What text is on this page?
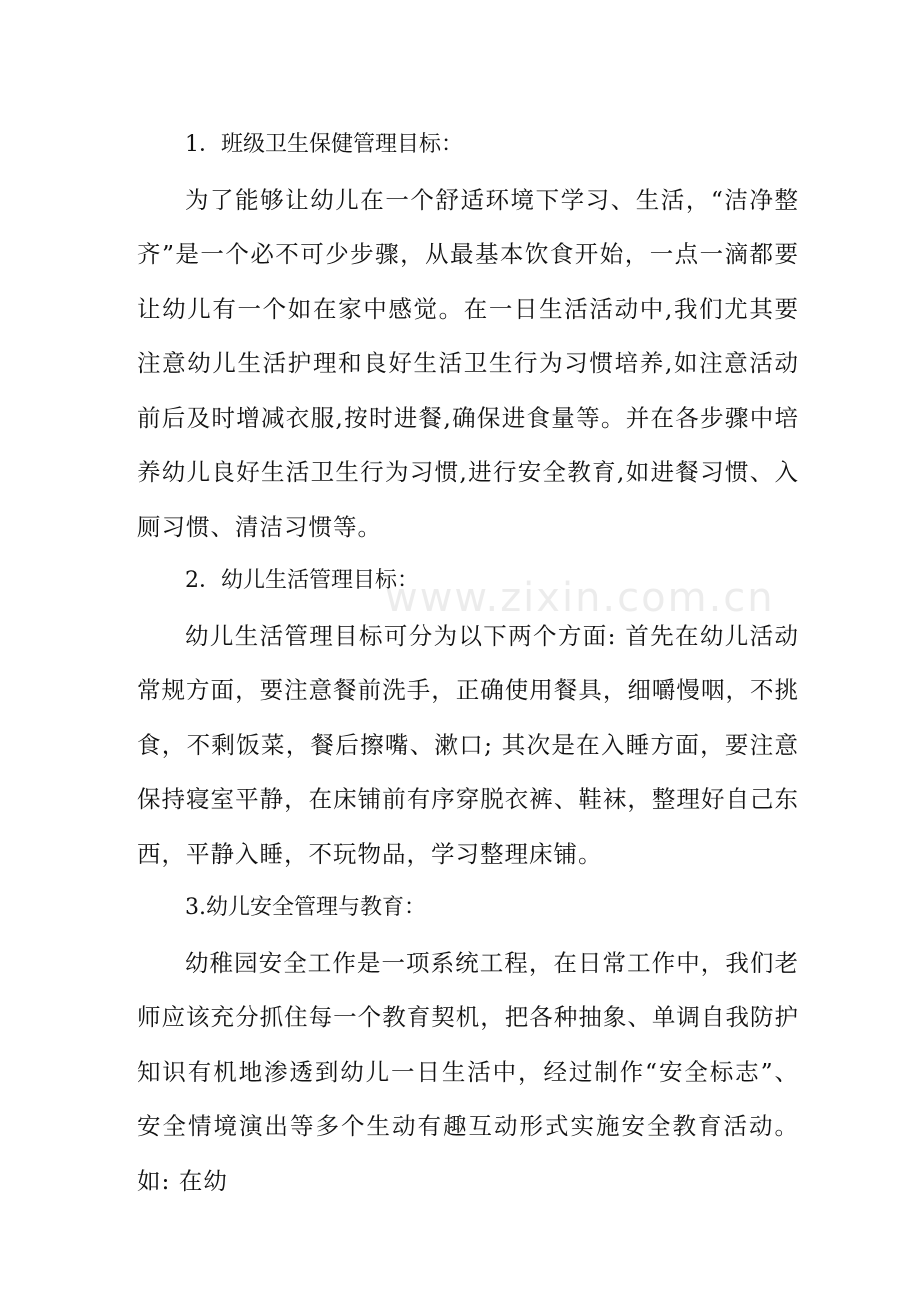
www.zixin.com.cn

1．班级卫生保健管理目标：

为了能够让幼儿在一个舒适环境下学习、生活，“洁净整齐”是一个必不可少步骤，从最基本饮食开始，一点一滴都要让幼儿有一个如在家中感觉。在一日生活活动中,我们尤其要注意幼儿生活护理和良好生活卫生行为习惯培养,如注意活动前后及时增减衣服,按时进餐,确保进食量等。并在各步骤中培养幼儿良好生活卫生行为习惯,进行安全教育,如进餐习惯、入厕习惯、清洁习惯等。

2．幼儿生活管理目标：

幼儿生活管理目标可分为以下两个方面: 首先在幼儿活动常规方面，要注意餐前洗手，正确使用餐具，细嚼慢咽，不挑食，不剩饭菜，餐后擦嘴、漱口; 其次是在入睡方面，要注意保持寝室平静，在床铺前有序穿脱衣裤、鞋袜，整理好自己东西，平静入睡，不玩物品，学习整理床铺。

3.幼儿安全管理与教育：

幼稚园安全工作是一项系统工程，在日常工作中，我们老师应该充分抓住每一个教育契机，把各种抽象、单调自我防护知识有机地渗透到幼儿一日生活中，经过制作“安全标志”、安全情境演出等多个生动有趣互动形式实施安全教育活动。如: 在幼
